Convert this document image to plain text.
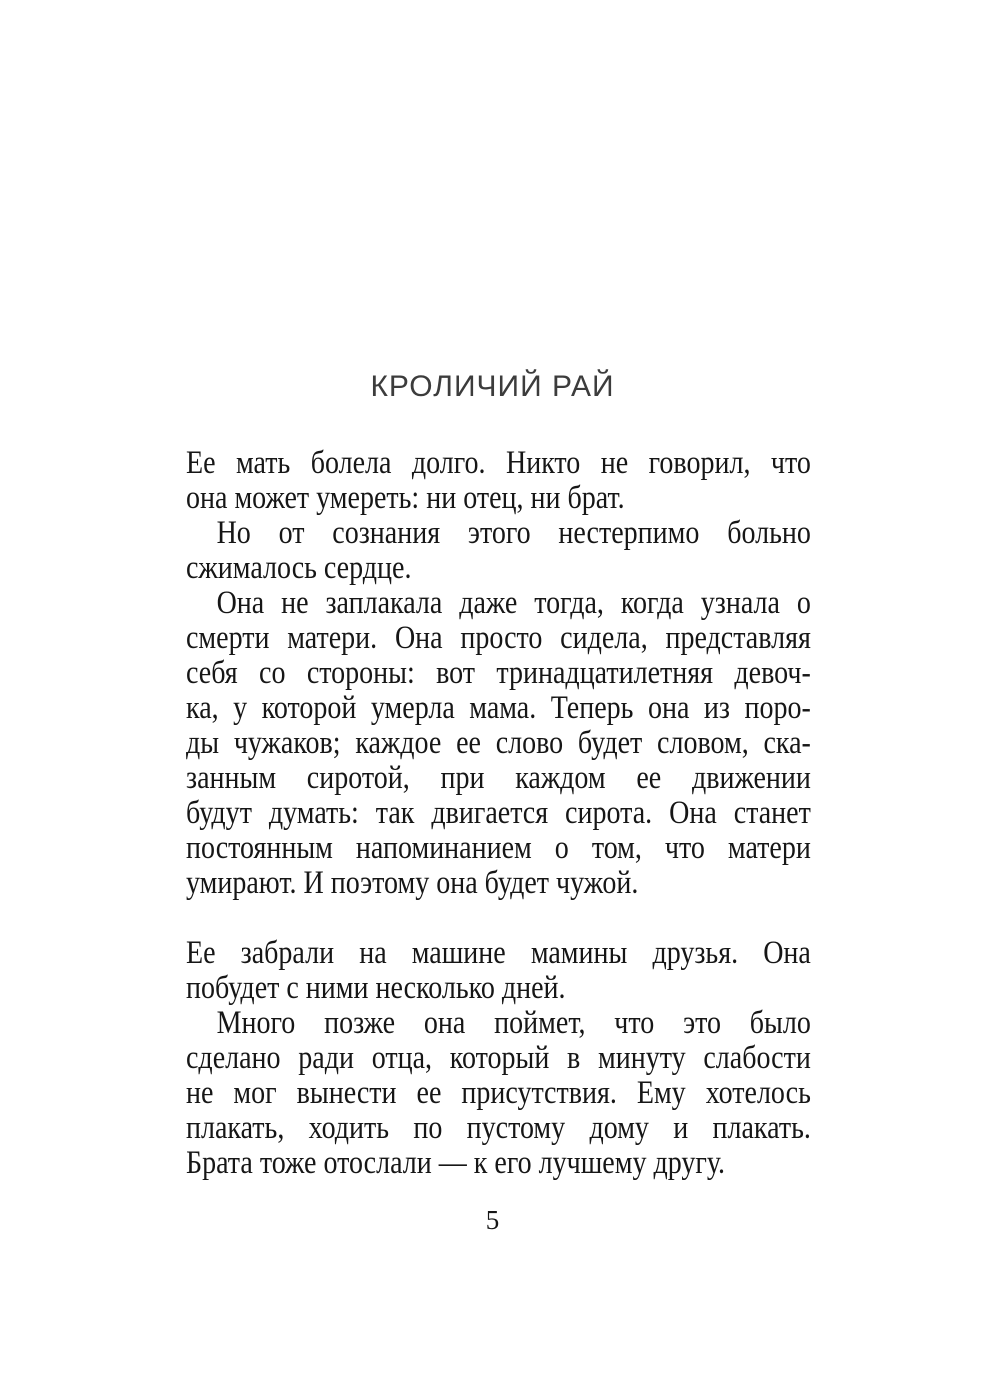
КРОЛИЧИЙ РАЙ
Ее мать болела долго. Никто не говорил, что
она может умереть: ни отец, ни брат.
Но от сознания этого нестерпимо больно
сжималось сердце.
Она не заплакала даже тогда, когда узнала о
смерти матери. Она просто сидела, представляя
себя со стороны: вот тринадцатилетняя девоч-
ка, у которой умерла мама. Теперь она из поро-
ды чужаков; каждое ее слово будет словом, ска-
занным сиротой, при каждом ее движении
будут думать: так двигается сирота. Она станет
постоянным напоминанием о том, что матери
умирают. И поэтому она будет чужой.
Ее забрали на машине мамины друзья. Она
побудет с ними несколько дней.
Много позже она поймет, что это было
сделано ради отца, который в минуту слабости
не мог вынести ее присутствия. Ему хотелось
плакать, ходить по пустому дому и плакать.
Брата тоже отослали — к его лучшему другу.
5
